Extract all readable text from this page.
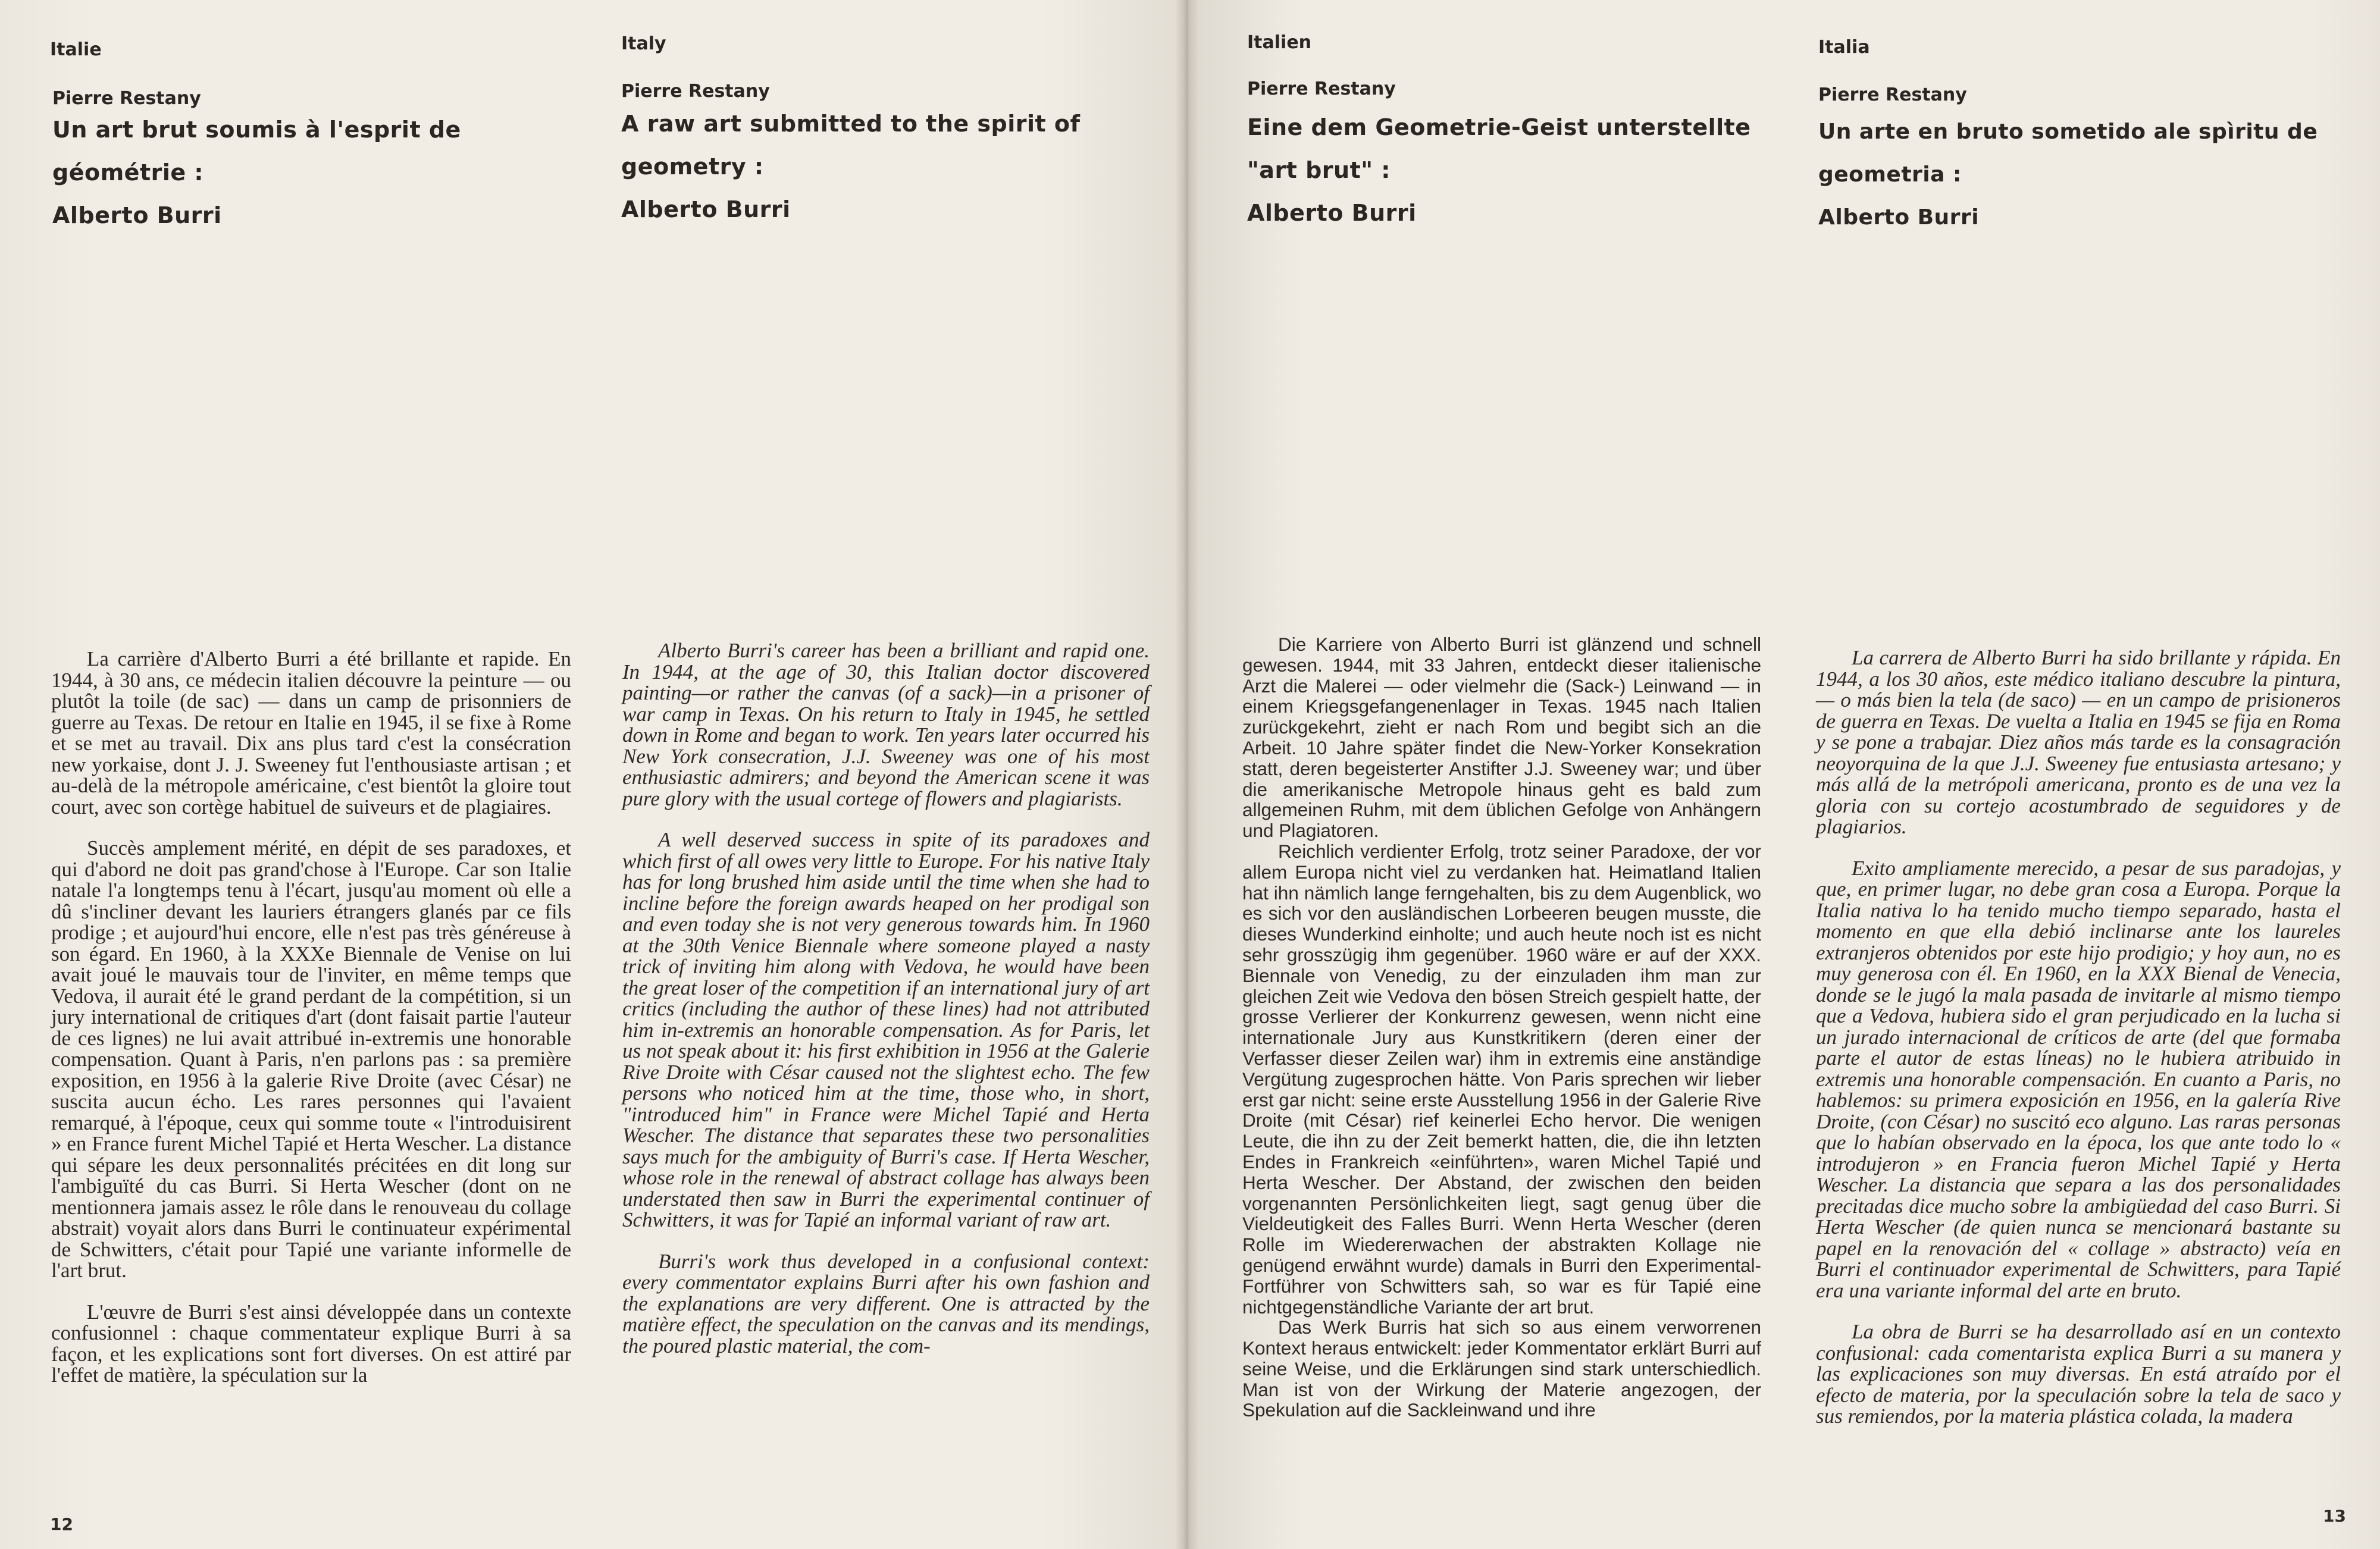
Italie
Pierre Restany
Un art brut soumis à l'esprit de géométrie :
Alberto Burri

La carrière d'Alberto Burri a été brillante et rapide. En 1944, à 30 ans, ce médecin italien découvre la peinture — ou plutôt la toile (de sac) — dans un camp de prisonniers de guerre au Texas. De retour en Italie en 1945, il se fixe à Rome et se met au travail. Dix ans plus tard c'est la consécration new yorkaise, dont J. J. Sweeney fut l'enthousiaste artisan ; et au-delà de la métropole américaine, c'est bientôt la gloire tout court, avec son cortège habituel de suiveurs et de plagiaires.

Succès amplement mérité, en dépit de ses paradoxes, et qui d'abord ne doit pas grand'chose à l'Europe. Car son Italie natale l'a longtemps tenu à l'écart, jusqu'au moment où elle a dû s'incliner devant les lauriers étrangers glanés par ce fils prodige ; et aujourd'hui encore, elle n'est pas très généreuse à son égard. En 1960, à la XXXe Biennale de Venise on lui avait joué le mauvais tour de l'inviter, en même temps que Vedova, il aurait été le grand perdant de la compétition, si un jury international de critiques d'art (dont faisait partie l'auteur de ces lignes) ne lui avait attribué in-extremis une honorable compensation. Quant à Paris, n'en parlons pas : sa première exposition, en 1956 à la galerie Rive Droite (avec César) ne suscita aucun écho. Les rares personnes qui l'avaient remarqué, à l'époque, ceux qui somme toute « l'introduisirent » en France furent Michel Tapié et Herta Wescher. La distance qui sépare les deux personnalités précitées en dit long sur l'ambiguïté du cas Burri. Si Herta Wescher (dont on ne mentionnera jamais assez le rôle dans le renouveau du collage abstrait) voyait alors dans Burri le continuateur expérimental de Schwitters, c'était pour Tapié une variante informelle de l'art brut.

L'œuvre de Burri s'est ainsi développée dans un contexte confusionnel : chaque commentateur explique Burri à sa façon, et les explications sont fort diverses. On est attiré par l'effet de matière, la spéculation sur la

12
Italy
Pierre Restany
A raw art submitted to the spirit of geometry :
Alberto Burri

Alberto Burri's career has been a brilliant and rapid one. In 1944, at the age of 30, this Italian doctor discovered painting—or rather the canvas (of a sack)—in a prisoner of war camp in Texas. On his return to Italy in 1945, he settled down in Rome and began to work. Ten years later occurred his New York consecration, J.J. Sweeney was one of his most enthusiastic admirers; and beyond the American scene it was pure glory with the usual cortege of flowers and plagiarists.

A well deserved success in spite of its paradoxes and which first of all owes very little to Europe. For his native Italy has for long brushed him aside until the time when she had to incline before the foreign awards heaped on her prodigal son and even today she is not very generous towards him. In 1960 at the 30th Venice Biennale where someone played a nasty trick of inviting him along with Vedova, he would have been the great loser of the competition if an international jury of art critics (including the author of these lines) had not attributed him in-extremis an honorable compensation. As for Paris, let us not speak about it: his first exhibition in 1956 at the Galerie Rive Droite with César caused not the slightest echo. The few persons who noticed him at the time, those who, in short, "introduced him" in France were Michel Tapié and Herta Wescher. The distance that separates these two personalities says much for the ambiguity of Burri's case. If Herta Wescher, whose role in the renewal of abstract collage has always been understated then saw in Burri the experimental continuer of Schwitters, it was for Tapié an informal variant of raw art.

Burri's work thus developed in a confusional context: every commentator explains Burri after his own fashion and the explanations are very different. One is attracted by the matière effect, the speculation on the canvas and its mendings, the poured plastic material, the com-

Italien
Pierre Restany
Eine dem Geometrie-Geist unterstellte "art brut" :
Alberto Burri

Die Karriere von Alberto Burri ist glänzend und schnell gewesen. 1944, mit 33 Jahren, entdeckt dieser italienische Arzt die Malerei — oder vielmehr die (Sack-) Leinwand — in einem Kriegsgefangenenlager in Texas. 1945 nach Italien zurückgekehrt, zieht er nach Rom und begibt sich an die Arbeit. 10 Jahre später findet die New-Yorker Konsekration statt, deren begeisterter Anstifter J.J. Sweeney war; und über die amerikanische Metropole hinaus geht es bald zum allgemeinen Ruhm, mit dem üblichen Gefolge von Anhängern und Plagiatoren.

Reichlich verdienter Erfolg, trotz seiner Paradoxe, der vor allem Europa nicht viel zu verdanken hat. Heimatland Italien hat ihn nämlich lange ferngehalten, bis zu dem Augenblick, wo es sich vor den ausländischen Lorbeeren beugen musste, die dieses Wunderkind einholte; und auch heute noch ist es nicht sehr grosszügig ihm gegenüber. 1960 wäre er auf der XXX. Biennale von Venedig, zu der einzuladen ihm man zur gleichen Zeit wie Vedova den bösen Streich gespielt hatte, der grosse Verlierer der Konkurrenz gewesen, wenn nicht eine internationale Jury aus Kunstkritikern (deren einer der Verfasser dieser Zeilen war) ihm in extremis eine anständige Vergütung zugesprochen hätte. Von Paris sprechen wir lieber erst gar nicht: seine erste Ausstellung 1956 in der Galerie Rive Droite (mit César) rief keinerlei Echo hervor. Die wenigen Leute, die ihn zu der Zeit bemerkt hatten, die, die ihn letzten Endes in Frankreich «einführten», waren Michel Tapié und Herta Wescher. Der Abstand, der zwischen den beiden vorgenannten Persönlichkeiten liegt, sagt genug über die Vieldeutigkeit des Falles Burri. Wenn Herta Wescher (deren Rolle im Wiedererwachen der abstrakten Kollage nie genügend erwähnt wurde) damals in Burri den Experimental-Fortführer von Schwitters sah, so war es für Tapié eine nichtgegenständliche Variante der art brut.

Das Werk Burris hat sich so aus einem verworrenen Kontext heraus entwickelt: jeder Kommentator erklärt Burri auf seine Weise, und die Erklärungen sind stark unterschiedlich. Man ist von der Wirkung der Materie angezogen, der Spekulation auf die Sackleinwand und ihre

Italia
Pierre Restany
Un arte en bruto sometido ale spìritu de geometria :
Alberto Burri

La carrera de Alberto Burri ha sido brillante y rápida. En 1944, a los 30 años, este médico italiano descubre la pintura, — o más bien la tela (de saco) — en un campo de prisioneros de guerra en Texas. De vuelta a Italia en 1945 se fija en Roma y se pone a trabajar. Diez años más tarde es la consagración neoyorquina de la que J.J. Sweeney fue entusiasta artesano; y más allá de la metrópoli americana, pronto es de una vez la gloria con su cortejo acostumbrado de seguidores y de plagiarios.

Exito ampliamente merecido, a pesar de sus paradojas, y que, en primer lugar, no debe gran cosa a Europa. Porque la Italia nativa lo ha tenido mucho tiempo separado, hasta el momento en que ella debió inclinarse ante los laureles extranjeros obtenidos por este hijo prodigio; y hoy aun, no es muy generosa con él. En 1960, en la XXX Bienal de Venecia, donde se le jugó la mala pasada de invitarle al mismo tiempo que a Vedova, hubiera sido el gran perjudicado en la lucha si un jurado internacional de críticos de arte (del que formaba parte el autor de estas líneas) no le hubiera atribuido in extremis una honorable compensación. En cuanto a Paris, no hablemos: su primera exposición en 1956, en la galería Rive Droite, (con César) no suscitó eco alguno. Las raras personas que lo habían observado en la época, los que ante todo lo « introdujeron » en Francia fueron Michel Tapié y Herta Wescher. La distancia que separa a las dos personalidades precitadas dice mucho sobre la ambigüedad del caso Burri. Si Herta Wescher (de quien nunca se mencionará bastante su papel en la renovación del « collage » abstracto) veía en Burri el continuador experimental de Schwitters, para Tapié era una variante informal del arte en bruto.

La obra de Burri se ha desarrollado así en un contexto confusional: cada comentarista explica Burri a su manera y las explicaciones son muy diversas. En está atraído por el efecto de materia, por la speculación sobre la tela de saco y sus remiendos, por la materia plástica colada, la madera

13
